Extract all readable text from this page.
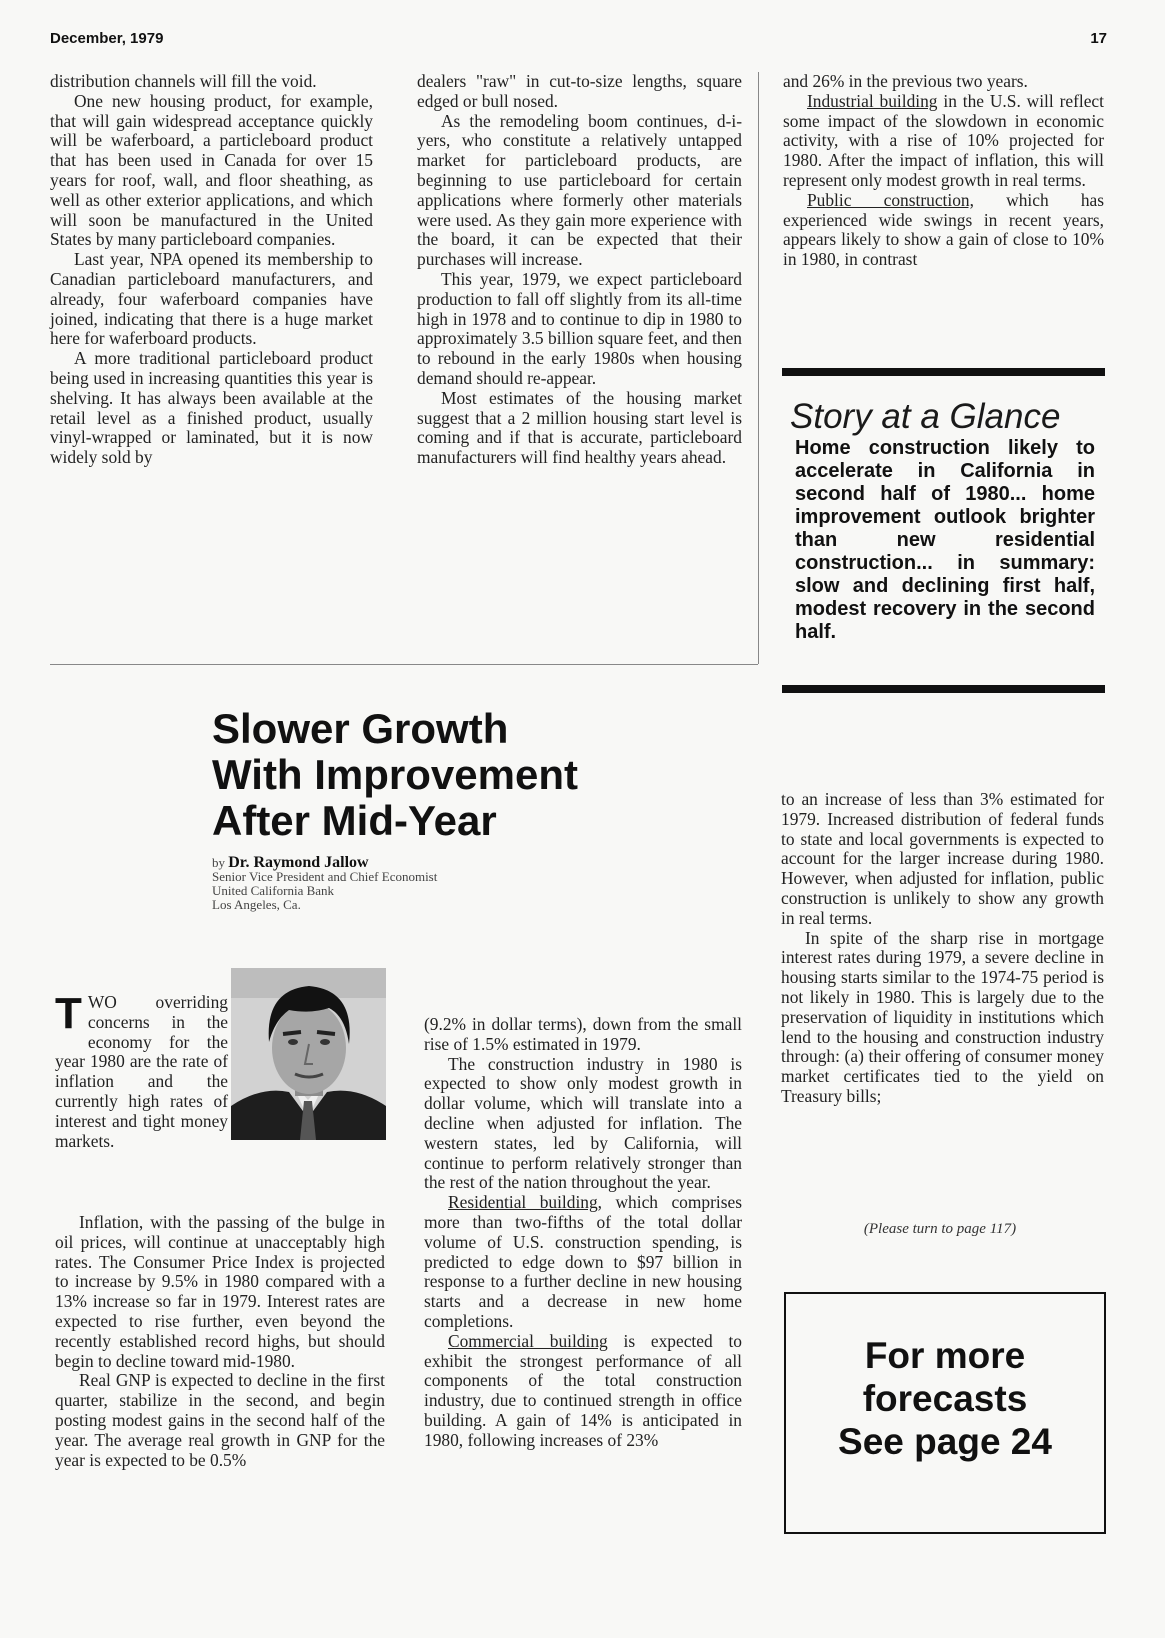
December, 1979	17

distribution channels will fill the void.

One new housing product, for example, that will gain widespread acceptance quickly will be waferboard, a particleboard product that has been used in Canada for over 15 years for roof, wall, and floor sheathing, as well as other exterior applications, and which will soon be manufactured in the United States by many particleboard companies.

Last year, NPA opened its membership to Canadian particleboard manufacturers, and already, four waferboard companies have joined, indicating that there is a huge market here for waferboard products.

A more traditional particleboard product being used in increasing quantities this year is shelving. It has always been available at the retail level as a finished product, usually vinyl-wrapped or laminated, but it is now widely sold by

dealers "raw" in cut-to-size lengths, square edged or bull nosed.

As the remodeling boom continues, d-i-yers, who constitute a relatively untapped market for particleboard products, are beginning to use particleboard for certain applications where formerly other materials were used. As they gain more experience with the board, it can be expected that their purchases will increase.

This year, 1979, we expect particleboard production to fall off slightly from its all-time high in 1978 and to continue to dip in 1980 to approximately 3.5 billion square feet, and then to rebound in the early 1980s when housing demand should re-appear.

Most estimates of the housing market suggest that a 2 million housing start level is coming and if that is accurate, particleboard manufacturers will find healthy years ahead.

and 26% in the previous two years.

Industrial building in the U.S. will reflect some impact of the slowdown in economic activity, with a rise of 10% projected for 1980. After the impact of inflation, this will represent only modest growth in real terms.

Public construction, which has experienced wide swings in recent years, appears likely to show a gain of close to 10% in 1980, in contrast

Story at a Glance
Home construction likely to accelerate in California in second half of 1980... home improvement outlook brighter than new residential construction... in summary: slow and declining first half, modest recovery in the second half.
Slower Growth
With Improvement
After Mid-Year
by Dr. Raymond Jallow
Senior Vice President and Chief Economist
United California Bank
Los Angeles, Ca.

TWO overriding concerns in the economy for the year 1980 are the rate of inflation and the currently high rates of interest and tight money markets.

Inflation, with the passing of the bulge in oil prices, will continue at unacceptably high rates. The Consumer Price Index is projected to increase by 9.5% in 1980 compared with a 13% increase so far in 1979. Interest rates are expected to rise further, even beyond the recently established record highs, but should begin to decline toward mid-1980.

Real GNP is expected to decline in the first quarter, stabilize in the second, and begin posting modest gains in the second half of the year. The average real growth in GNP for the year is expected to be 0.5%

(9.2% in dollar terms), down from the small rise of 1.5% estimated in 1979.

The construction industry in 1980 is expected to show only modest growth in dollar volume, which will translate into a decline when adjusted for inflation. The western states, led by California, will continue to perform relatively stronger than the rest of the nation throughout the year.

Residential building, which comprises more than two-fifths of the total dollar volume of U.S. construction spending, is predicted to edge down to $97 billion in response to a further decline in new housing starts and a decrease in new home completions.

Commercial building is expected to exhibit the strongest performance of all components of the total construction industry, due to continued strength in office building. A gain of 14% is anticipated in 1980, following increases of 23%

to an increase of less than 3% estimated for 1979. Increased distribution of federal funds to state and local governments is expected to account for the larger increase during 1980. However, when adjusted for inflation, public construction is unlikely to show any growth in real terms.

In spite of the sharp rise in mortgage interest rates during 1979, a severe decline in housing starts similar to the 1974-75 period is not likely in 1980. This is largely due to the preservation of liquidity in institutions which lend to the housing and construction industry through: (a) their offering of consumer money market certificates tied to the yield on Treasury bills;

(Please turn to page 117)
For more
forecasts
See page 24
